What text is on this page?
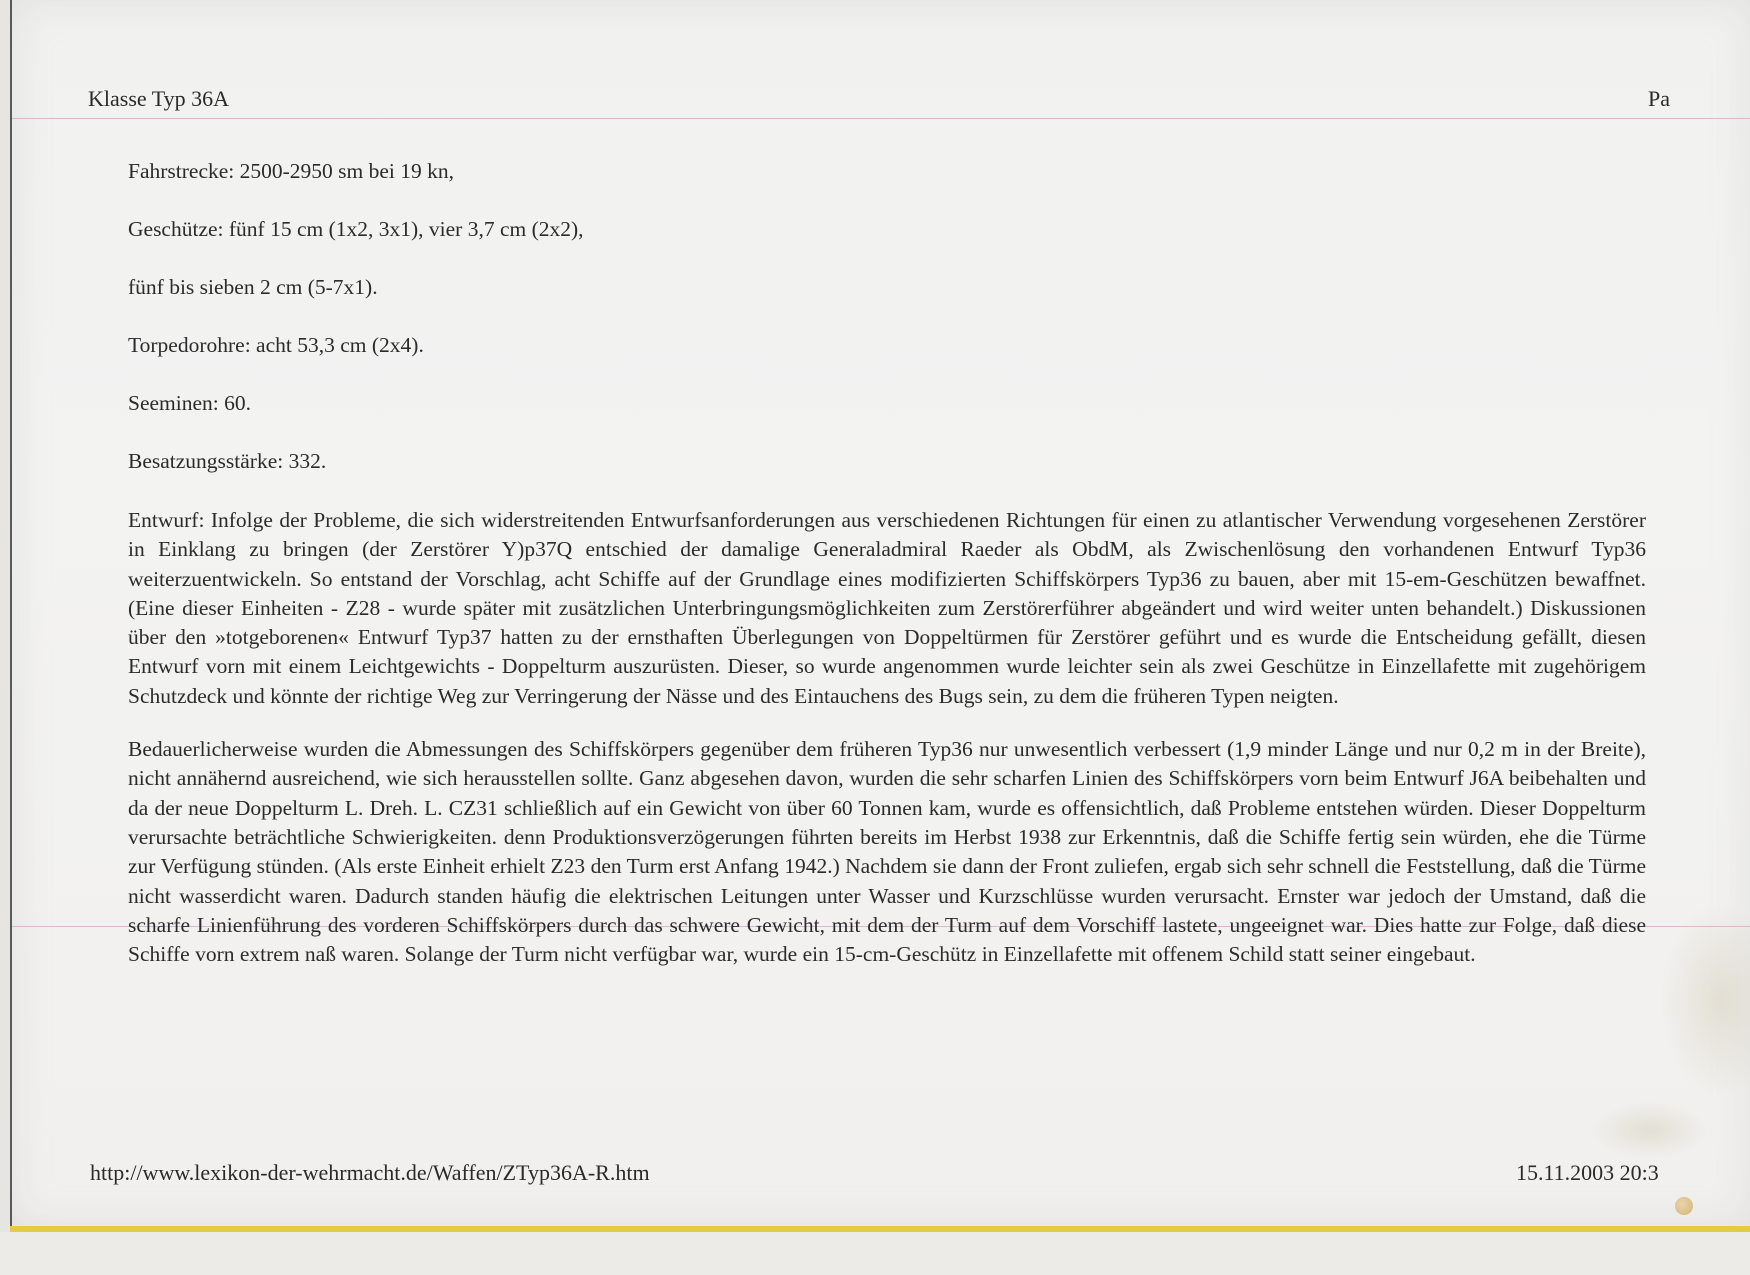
Klasse Typ 36A	Pa

Fahrstrecke: 2500-2950 sm bei 19 kn,

Geschütze: fünf 15 cm (1x2, 3x1), vier 3,7 cm (2x2),

fünf bis sieben 2 cm (5-7x1).

Torpedorohre: acht 53,3 cm (2x4).

Seeminen: 60.

Besatzungsstärke: 332.

Entwurf: Infolge der Probleme, die sich widerstreitenden Entwurfsanforderungen aus verschiedenen Richtungen für einen zu atlantischer Verwendung vorgesehenen Zerstörer in Einklang zu bringen (der Zerstörer Y)p37Q entschied der damalige Generaladmiral Raeder als ObdM, als Zwischenlösung den vorhandenen Entwurf Typ36 weiterzuentwickeln. So entstand der Vorschlag, acht Schiffe auf der Grundlage eines modifizierten Schiffskörpers Typ36 zu bauen, aber mit 15-em-Geschützen bewaffnet. (Eine dieser Einheiten - Z28 - wurde später mit zusätzlichen Unterbringungsmöglichkeiten zum Zerstörerführer abgeändert und wird weiter unten behandelt.) Diskussionen über den »totgeborenen« Entwurf Typ37 hatten zu der ernsthaften Überlegungen von Doppeltürmen für Zerstörer geführt und es wurde die Entscheidung gefällt, diesen Entwurf vorn mit einem Leichtgewichts - Doppelturm auszurüsten. Dieser, so wurde angenommen wurde leichter sein als zwei Geschütze in Einzellafette mit zugehörigem Schutzdeck und könnte der richtige Weg zur Verringerung der Nässe und des Eintauchens des Bugs sein, zu dem die früheren Typen neigten.

Bedauerlicherweise wurden die Abmessungen des Schiffskörpers gegenüber dem früheren Typ36 nur unwesentlich verbessert (1,9 minder Länge und nur 0,2 m in der Breite), nicht annähernd ausreichend, wie sich herausstellen sollte. Ganz abgesehen davon, wurden die sehr scharfen Linien des Schiffskörpers vorn beim Entwurf J6A beibehalten und da der neue Doppelturm L. Dreh. L. CZ31 schließlich auf ein Gewicht von über 60 Tonnen kam, wurde es offensichtlich, daß Probleme entstehen würden. Dieser Doppelturm verursachte beträchtliche Schwierigkeiten. denn Produktionsverzögerungen führten bereits im Herbst 1938 zur Erkenntnis, daß die Schiffe fertig sein würden, ehe die Türme zur Verfügung stünden. (Als erste Einheit erhielt Z23 den Turm erst Anfang 1942.) Nachdem sie dann der Front zuliefen, ergab sich sehr schnell die Feststellung, daß die Türme nicht wasserdicht waren. Dadurch standen häufig die elektrischen Leitungen unter Wasser und Kurzschlüsse wurden verursacht. Ernster war jedoch der Umstand, daß die scharfe Linienführung des vorderen Schiffskörpers durch das schwere Gewicht, mit dem der Turm auf dem Vorschiff lastete, ungeeignet war. Dies hatte zur Folge, daß diese Schiffe vorn extrem naß waren. Solange der Turm nicht verfügbar war, wurde ein 15-cm-Geschütz in Einzellafette mit offenem Schild statt seiner eingebaut.

http://www.lexikon-der-wehrmacht.de/Waffen/ZTyp36A-R.htm	15.11.2003 20:3
